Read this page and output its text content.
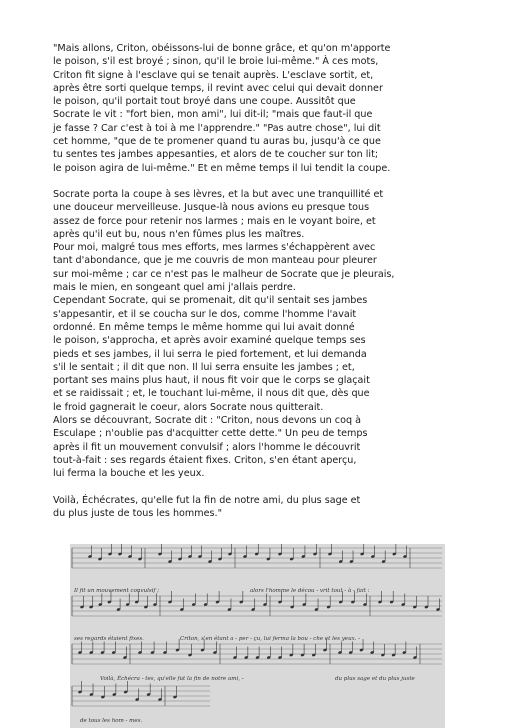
"Mais allons, Criton, obéissons-lui de bonne grâce, et qu'on m'apporte

le poison, s'il est broyé ; sinon, qu'il le broie lui-même." À ces mots,

Criton fit signe à l'esclave qui se tenait auprès. L'esclave sortit, et,

après être sorti quelque temps, il revint avec celui qui devait donner

le poison, qu'il portait tout broyé dans une coupe. Aussitôt que

Socrate le vit : "fort bien, mon ami", lui dit-il; "mais que faut-il que

je fasse ? Car c'est à toi à me l'apprendre." "Pas autre chose", lui dit

cet homme, "que de te promener quand tu auras bu, jusqu'à ce que

tu sentes tes jambes appesanties, et alors de te coucher sur ton lit;

le poison agira de lui-même." Et en même temps il lui tendit la coupe.

Socrate porta la coupe à ses lèvres, et la but avec une tranquillité et

une douceur merveilleuse. Jusque-là nous avions eu presque tous

assez de force pour retenir nos larmes ; mais en le voyant boire, et

après qu'il eut bu, nous n'en fûmes plus les maîtres.

Pour moi, malgré tous mes efforts, mes larmes s'échappèrent avec

tant d'abondance, que je me couvris de mon manteau pour pleurer

sur moi-même ; car ce n'est pas le malheur de Socrate que je pleurais,

mais le mien, en songeant quel ami j'allais perdre.

Cependant Socrate, qui se promenait, dit qu'il sentait ses jambes

s'appesantir, et il se coucha sur le dos, comme l'homme l'avait

ordonné. En même temps le même homme qui lui avait donné

le poison, s'approcha, et après avoir examiné quelque temps ses

pieds et ses jambes, il lui serra le pied fortement, et lui demanda

s'il le sentait ; il dit que non. Il lui serra ensuite les jambes ; et,

portant ses mains plus haut, il nous fit voir que le corps se glaçait

et se raidissait ; et, le touchant lui-même, il nous dit que, dès que

le froid gagnerait le coeur, alors Socrate nous quitterait.

Alors se découvrant, Socrate dit : "Criton, nous devons un coq à

Esculape ; n'oublie pas d'acquitter cette dette." Un peu de temps

après il fit un mouvement convulsif ; alors l'homme le découvrit

tout-à-fait : ses regards étaient fixes. Criton, s'en étant aperçu,

lui ferma la bouche et les yeux.

Voilà, Échécrates, qu'elle fut la fin de notre ami, du plus sage et

du plus juste de tous les hommes."

Il fit un mouvement convulsif ;	alors l'homme le décou - vrit tout - à - fait :
ses regards étaient fixes.	Criton, s'en étant a - per - çu, lui ferma la bou - che et les yeux. -
Voilà, Échécra - tes, qu'elle fut la fin de notre ami, -	du plus sage et du plus juste
de tous les hom - mes.
